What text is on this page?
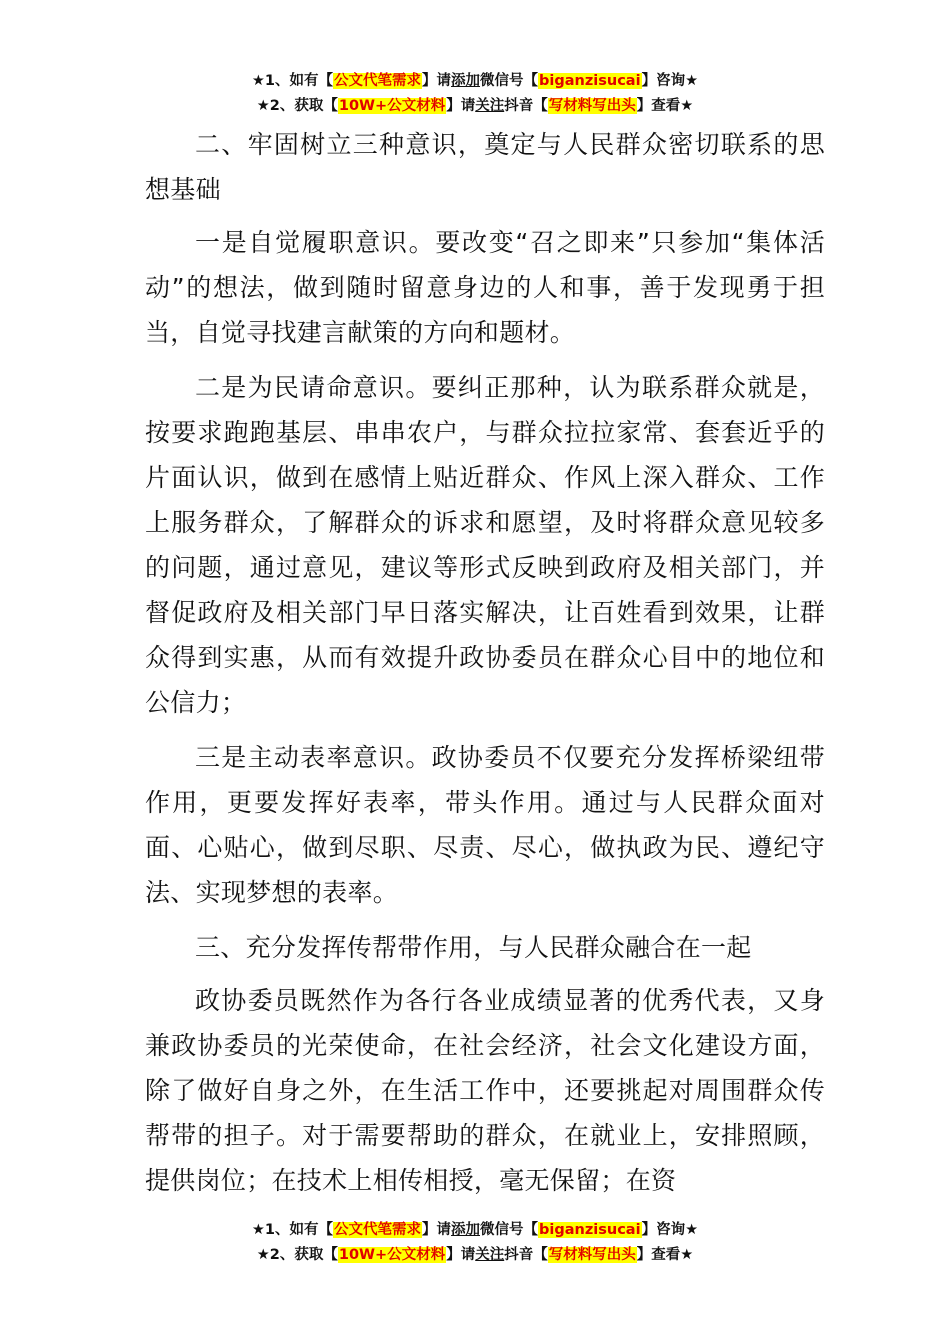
★1、如有【公文代笔需求】请添加微信号【biganzisucai】咨询★
★2、获取【10W+公文材料】请关注抖音【写材料写出头】查看★

二、牢固树立三种意识，奠定与人民群众密切联系的思想基础

一是自觉履职意识。要改变“召之即来”只参加“集体活动”的想法，做到随时留意身边的人和事，善于发现勇于担当，自觉寻找建言献策的方向和题材。

二是为民请命意识。要纠正那种，认为联系群众就是，按要求跑跑基层、串串农户，与群众拉拉家常、套套近乎的片面认识，做到在感情上贴近群众、作风上深入群众、工作上服务群众，了解群众的诉求和愿望，及时将群众意见较多的问题，通过意见，建议等形式反映到政府及相关部门，并督促政府及相关部门早日落实解决，让百姓看到效果，让群众得到实惠，从而有效提升政协委员在群众心目中的地位和公信力；

三是主动表率意识。政协委员不仅要充分发挥桥梁纽带作用，更要发挥好表率，带头作用。通过与人民群众面对面、心贴心，做到尽职、尽责、尽心，做执政为民、遵纪守法、实现梦想的表率。

三、充分发挥传帮带作用，与人民群众融合在一起

政协委员既然作为各行各业成绩显著的优秀代表，又身兼政协委员的光荣使命，在社会经济，社会文化建设方面，除了做好自身之外，在生活工作中，还要挑起对周围群众传帮带的担子。对于需要帮助的群众，在就业上，安排照顾，提供岗位；在技术上相传相授，毫无保留；在资

★1、如有【公文代笔需求】请添加微信号【biganzisucai】咨询★
★2、获取【10W+公文材料】请关注抖音【写材料写出头】查看★
